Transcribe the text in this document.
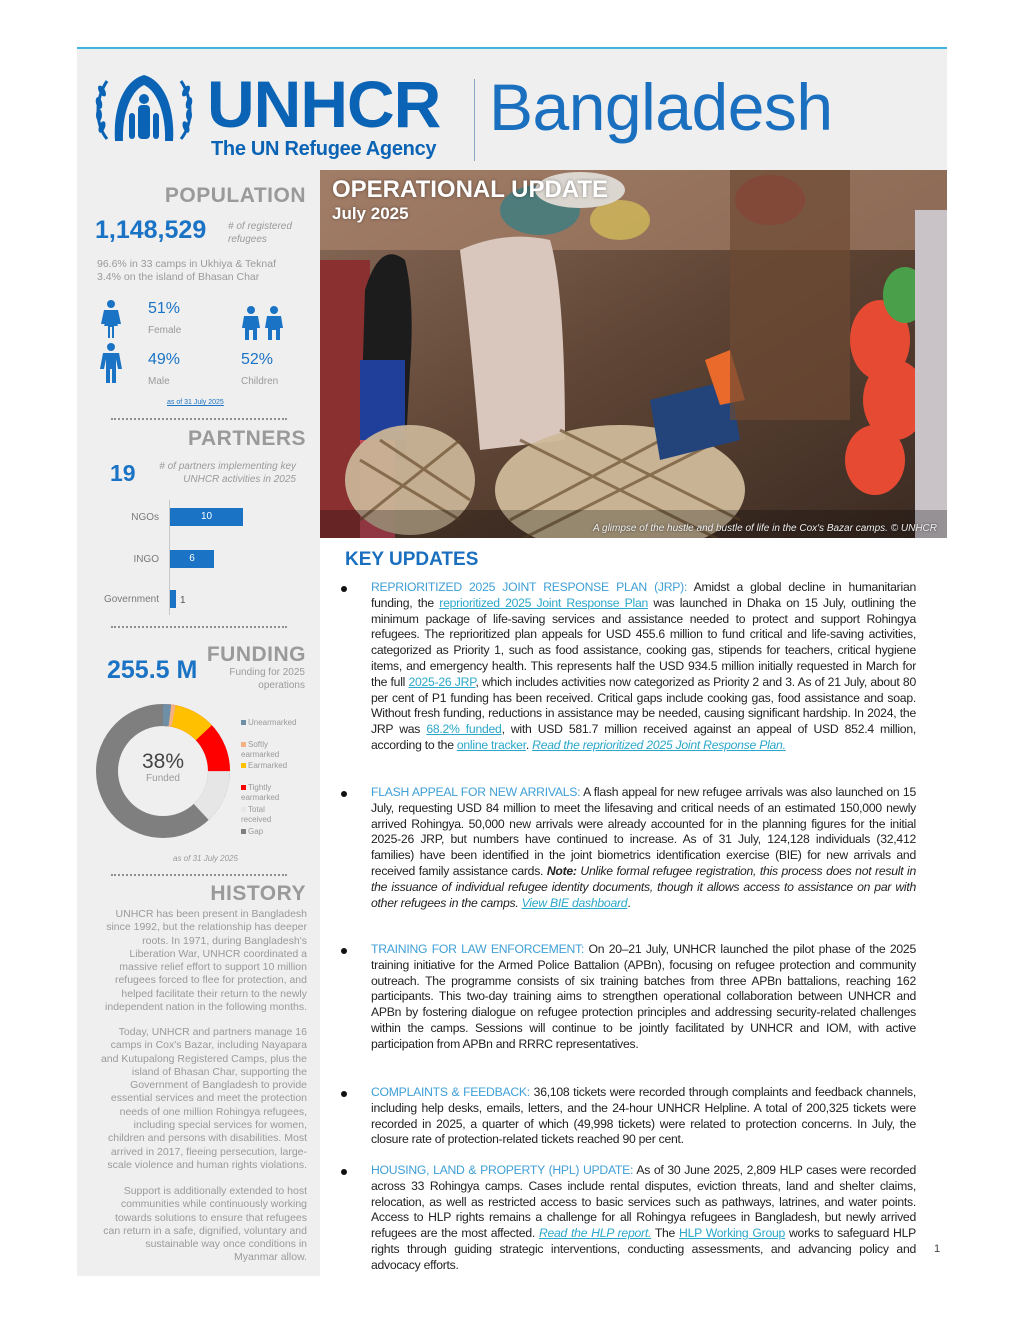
UNHCR
The UN Refugee Agency
Bangladesh
POPULATION
1,148,529 # of registered refugees
96.6% in 33 camps in Ukhiya & Teknaf
3.4% on the island of Bhasan Char
51%
Female
49%
Male
52%
Children
as of 31 July 2025
PARTNERS
19	# of partners implementing key UNHCR activities in 2025
NGOs	10
INGO	6
Government 1
FUNDING
255.5 M	Funding for 2025 operations
38%
Funded
Unearmarked
Softly earmarked
Earmarked
Tightly earmarked
Total received
Gap
as of 31 July 2025
HISTORY
UNHCR has been present in Bangladesh since 1992, but the relationship has deeper roots. In 1971, during Bangladesh's Liberation War, UNHCR coordinated a massive relief effort to support 10 million refugees forced to flee for protection, and helped facilitate their return to the newly independent nation in the following months.
Today, UNHCR and partners manage 16 camps in Cox's Bazar, including Nayapara and Kutupalong Registered Camps, plus the island of Bhasan Char, supporting the Government of Bangladesh to provide essential services and meet the protection needs of one million Rohingya refugees, including special services for women, children and persons with disabilities. Most arrived in 2017, fleeing persecution, large-scale violence and human rights violations.
Support is additionally extended to host communities while continuously working towards solutions to ensure that refugees can return in a safe, dignified, voluntary and sustainable way once conditions in Myanmar allow.
OPERATIONAL UPDATE
July 2025
A glimpse of the hustle and bustle of life in the Cox's Bazar camps. © UNHCR
KEY UPDATES
REPRIORITIZED 2025 JOINT RESPONSE PLAN (JRP): Amidst a global decline in humanitarian funding, the reprioritized 2025 Joint Response Plan was launched in Dhaka on 15 July, outlining the minimum package of life-saving services and assistance needed to protect and support Rohingya refugees. The reprioritized plan appeals for USD 455.6 million to fund critical and life-saving activities, categorized as Priority 1, such as food assistance, cooking gas, stipends for teachers, critical hygiene items, and emergency health. This represents half the USD 934.5 million initially requested in March for the full 2025-26 JRP, which includes activities now categorized as Priority 2 and 3. As of 21 July, about 80 per cent of P1 funding has been received. Critical gaps include cooking gas, food assistance and soap. Without fresh funding, reductions in assistance may be needed, causing significant hardship. In 2024, the JRP was 68.2% funded, with USD 581.7 million received against an appeal of USD 852.4 million, according to the online tracker. Read the reprioritized 2025 Joint Response Plan.
FLASH APPEAL FOR NEW ARRIVALS: A flash appeal for new refugee arrivals was also launched on 15 July, requesting USD 84 million to meet the lifesaving and critical needs of an estimated 150,000 newly arrived Rohingya. 50,000 new arrivals were already accounted for in the planning figures for the initial 2025-26 JRP, but numbers have continued to increase. As of 31 July, 124,128 individuals (32,412 families) have been identified in the joint biometrics identification exercise (BIE) for new arrivals and received family assistance cards. Note: Unlike formal refugee registration, this process does not result in the issuance of individual refugee identity documents, though it allows access to assistance on par with other refugees in the camps. View BIE dashboard.
TRAINING FOR LAW ENFORCEMENT: On 20–21 July, UNHCR launched the pilot phase of the 2025 training initiative for the Armed Police Battalion (APBn), focusing on refugee protection and community outreach. The programme consists of six training batches from three APBn battalions, reaching 162 participants. This two-day training aims to strengthen operational collaboration between UNHCR and APBn by fostering dialogue on refugee protection principles and addressing security-related challenges within the camps. Sessions will continue to be jointly facilitated by UNHCR and IOM, with active participation from APBn and RRRC representatives.
COMPLAINTS & FEEDBACK: 36,108 tickets were recorded through complaints and feedback channels, including help desks, emails, letters, and the 24-hour UNHCR Helpline. A total of 200,325 tickets were recorded in 2025, a quarter of which (49,998 tickets) were related to protection concerns. In July, the closure rate of protection-related tickets reached 90 per cent.
HOUSING, LAND & PROPERTY (HPL) UPDATE: As of 30 June 2025, 2,809 HLP cases were recorded across 33 Rohingya camps. Cases include rental disputes, eviction threats, land and shelter claims, relocation, as well as restricted access to basic services such as pathways, latrines, and water points. Access to HLP rights remains a challenge for all Rohingya refugees in Bangladesh, but newly arrived refugees are the most affected. Read the HLP report. The HLP Working Group works to safeguard HLP rights through guiding strategic interventions, conducting assessments, and advancing policy and advocacy efforts.
1
